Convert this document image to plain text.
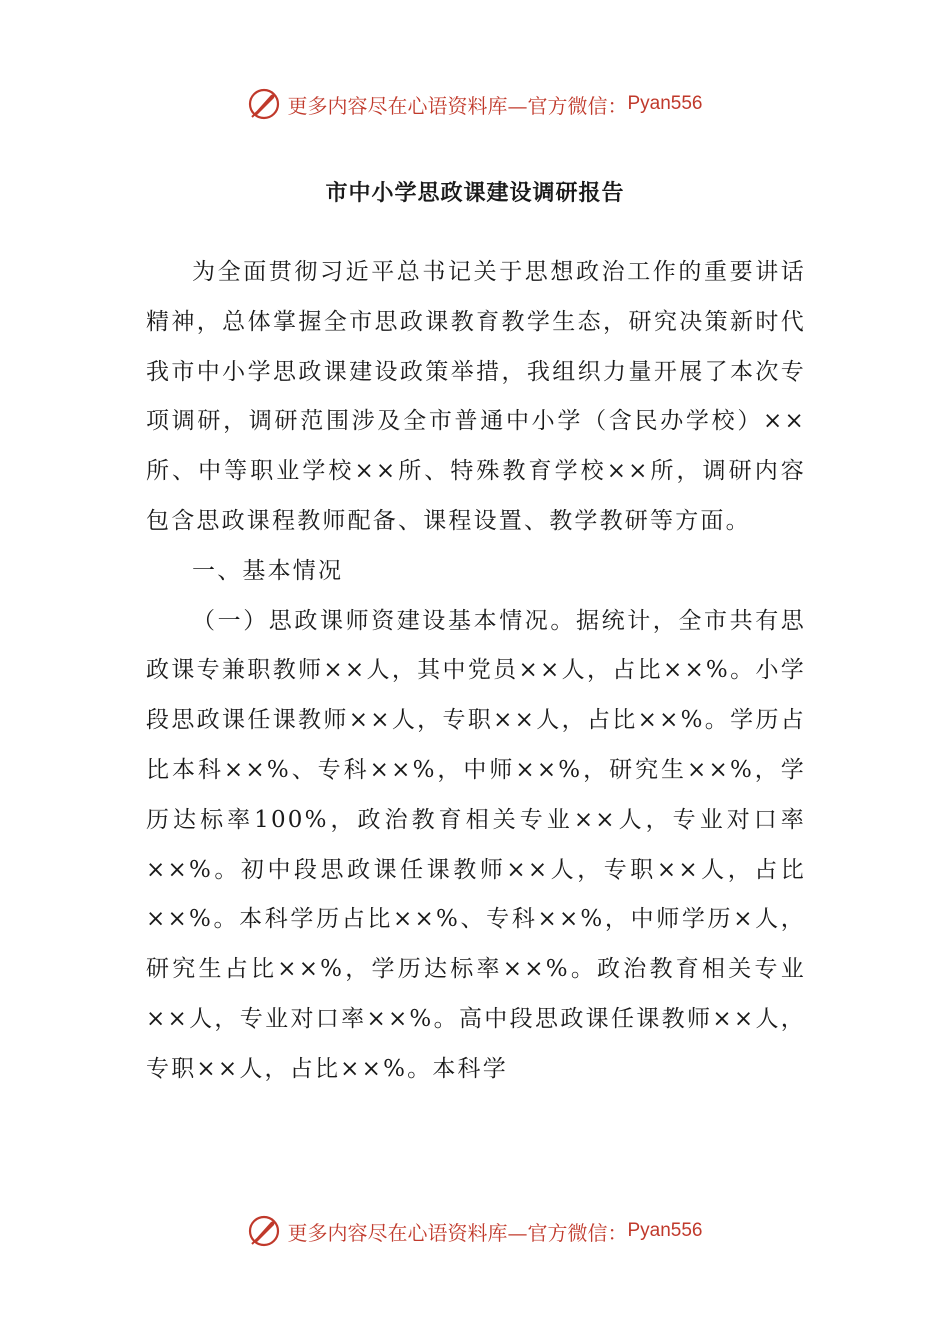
更多内容尽在心语资料库—官方微信： Pyan556
市中小学思政课建设调研报告

为全面贯彻习近平总书记关于思想政治工作的重要讲话精神，总体掌握全市思政课教育教学生态，研究决策新时代我市中小学思政课建设政策举措，我组织力量开展了本次专项调研，调研范围涉及全市普通中小学（含民办学校）××所、中等职业学校××所、特殊教育学校××所，调研内容包含思政课程教师配备、课程设置、教学教研等方面。

一、基本情况

（一）思政课师资建设基本情况。据统计，全市共有思政课专兼职教师××人，其中党员××人，占比××%。小学段思政课任课教师××人，专职××人，占比××%。学历占比本科××%、专科××%，中师××%，研究生××%，学历达标率100%，政治教育相关专业××人，专业对口率××%。初中段思政课任课教师××人，专职××人，占比××%。本科学历占比××%、专科××%，中师学历×人，研究生占比××%，学历达标率××%。政治教育相关专业××人，专业对口率××%。高中段思政课任课教师××人，专职××人，占比××%。本科学

更多内容尽在心语资料库—官方微信： Pyan556
